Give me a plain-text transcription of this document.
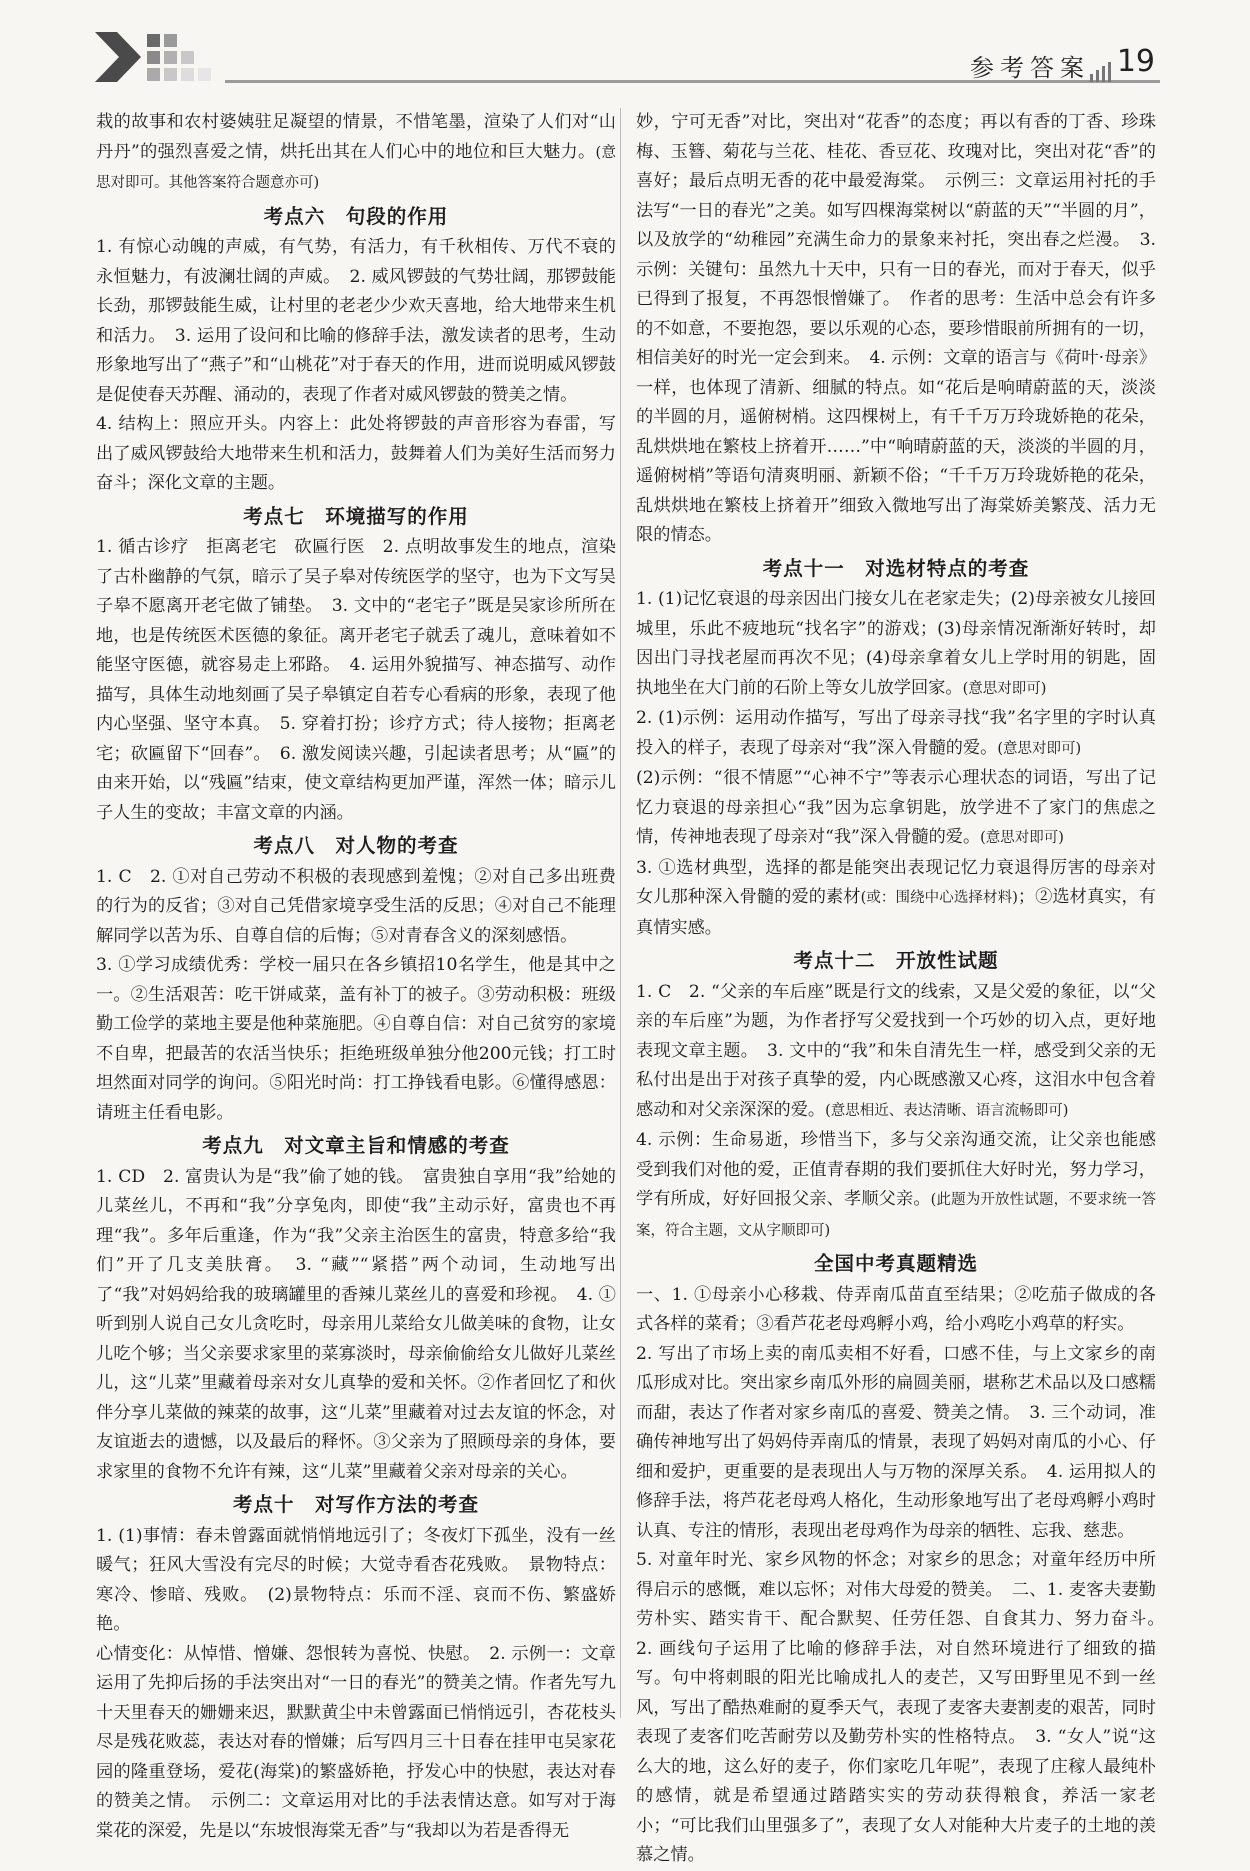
参考答案 19

栽的故事和农村婆姨驻足凝望的情景，不惜笔墨，渲染了人们对“山丹丹”的强烈喜爱之情，烘托出其在人们心中的地位和巨大魅力。(意思对即可。其他答案符合题意亦可)

考点六　句段的作用

1. 有惊心动魄的声威，有气势，有活力，有千秋相传、万代不衰的永恒魅力，有波澜壮阔的声威。　2. 威风锣鼓的气势壮阔，那锣鼓能长劲，那锣鼓能生威，让村里的老老少少欢天喜地，给大地带来生机和活力。　3. 运用了设问和比喻的修辞手法，激发读者的思考，生动形象地写出了“燕子”和“山桃花”对于春天的作用，进而说明威风锣鼓是促使春天苏醒、涌动的，表现了作者对威风锣鼓的赞美之情。

4. 结构上：照应开头。内容上：此处将锣鼓的声音形容为春雷，写出了威风锣鼓给大地带来生机和活力，鼓舞着人们为美好生活而努力奋斗；深化文章的主题。

考点七　环境描写的作用

1. 循古诊疗　拒离老宅　砍匾行医　2. 点明故事发生的地点，渲染了古朴幽静的气氛，暗示了吴子皋对传统医学的坚守，也为下文写吴子皋不愿离开老宅做了铺垫。　3. 文中的“老宅子”既是吴家诊所所在地，也是传统医术医德的象征。离开老宅子就丢了魂儿，意味着如不能坚守医德，就容易走上邪路。　4. 运用外貌描写、神态描写、动作描写，具体生动地刻画了吴子皋镇定自若专心看病的形象，表现了他内心坚强、坚守本真。　5. 穿着打扮；诊疗方式；待人接物；拒离老宅；砍匾留下“回春”。　6. 激发阅读兴趣，引起读者思考；从“匾”的由来开始，以“残匾”结束，使文章结构更加严谨，浑然一体；暗示儿子人生的变故；丰富文章的内涵。

考点八　对人物的考查

1. C　2. ①对自己劳动不积极的表现感到羞愧；②对自己多出班费的行为的反省；③对自己凭借家境享受生活的反思；④对自己不能理解同学以苦为乐、自尊自信的后悔；⑤对青春含义的深刻感悟。

3. ①学习成绩优秀：学校一届只在各乡镇招10名学生，他是其中之一。②生活艰苦：吃干饼咸菜，盖有补丁的被子。③劳动积极：班级勤工俭学的菜地主要是他种菜施肥。④自尊自信：对自己贫穷的家境不自卑，把最苦的农活当快乐；拒绝班级单独分他200元钱；打工时坦然面对同学的询问。⑤阳光时尚：打工挣钱看电影。⑥懂得感恩：请班主任看电影。

考点九　对文章主旨和情感的考查

1. CD　2. 富贵认为是“我”偷了她的钱。　富贵独自享用“我”给她的儿菜丝儿，不再和“我”分享兔肉，即使“我”主动示好，富贵也不再理“我”。多年后重逢，作为“我”父亲主治医生的富贵，特意多给“我们”开了几支美肤膏。　3. “藏”“紧搭”两个动词，生动地写出了“我”对妈妈给我的玻璃罐里的香辣儿菜丝儿的喜爱和珍视。　4. ①听到别人说自己女儿贪吃时，母亲用儿菜给女儿做美味的食物，让女儿吃个够；当父亲要求家里的菜寡淡时，母亲偷偷给女儿做好儿菜丝儿，这“儿菜”里藏着母亲对女儿真挚的爱和关怀。②作者回忆了和伙伴分享儿菜做的辣菜的故事，这“儿菜”里藏着对过去友谊的怀念，对友谊逝去的遗憾，以及最后的释怀。③父亲为了照顾母亲的身体，要求家里的食物不允许有辣，这“儿菜”里藏着父亲对母亲的关心。

考点十　对写作方法的考查

1. (1)事情：春未曾露面就悄悄地远引了；冬夜灯下孤坐，没有一丝暖气；狂风大雪没有完尽的时候；大觉寺看杏花残败。　景物特点：寒冷、惨暗、残败。　(2)景物特点：乐而不淫、哀而不伤、繁盛娇艳。

心情变化：从悼惜、憎嫌、怨恨转为喜悦、快慰。　2. 示例一：文章运用了先抑后扬的手法突出对“一日的春光”的赞美之情。作者先写九十天里春天的姗姗来迟，默默黄尘中未曾露面已悄悄远引，杏花枝头尽是残花败蕊，表达对春的憎嫌；后写四月三十日春在挂甲屯吴家花园的隆重登场，爱花(海棠)的繁盛娇艳，抒发心中的快慰，表达对春的赞美之情。　示例二：文章运用对比的手法表情达意。如写对于海棠花的深爱，先是以“东坡恨海棠无香”与“我却以为若是香得无

妙，宁可无香”对比，突出对“花香”的态度；再以有香的丁香、珍珠梅、玉簪、菊花与兰花、桂花、香豆花、玫瑰对比，突出对花“香”的喜好；最后点明无香的花中最爱海棠。　示例三：文章运用衬托的手法写“一日的春光”之美。如写四棵海棠树以“蔚蓝的天”“半圆的月”，以及放学的“幼稚园”充满生命力的景象来衬托，突出春之烂漫。　3. 示例：关键句：虽然九十天中，只有一日的春光，而对于春天，似乎已得到了报复，不再怨恨憎嫌了。　作者的思考：生活中总会有许多的不如意，不要抱怨，要以乐观的心态，要珍惜眼前所拥有的一切，相信美好的时光一定会到来。　4. 示例：文章的语言与《荷叶·母亲》一样，也体现了清新、细腻的特点。如“花后是响晴蔚蓝的天，淡淡的半圆的月，遥俯树梢。这四棵树上，有千千万万玲珑娇艳的花朵，乱烘烘地在繁枝上挤着开……”中“响晴蔚蓝的天，淡淡的半圆的月，遥俯树梢”等语句清爽明丽、新颖不俗；“千千万万玲珑娇艳的花朵，乱烘烘地在繁枝上挤着开”细致入微地写出了海棠娇美繁茂、活力无限的情态。

考点十一　对选材特点的考查

1. (1)记忆衰退的母亲因出门接女儿在老家走失；(2)母亲被女儿接回城里，乐此不疲地玩“找名字”的游戏；(3)母亲情况渐渐好转时，却因出门寻找老屋而再次不见；(4)母亲拿着女儿上学时用的钥匙，固执地坐在大门前的石阶上等女儿放学回家。(意思对即可)

2. (1)示例：运用动作描写，写出了母亲寻找“我”名字里的字时认真投入的样子，表现了母亲对“我”深入骨髓的爱。(意思对即可)

(2)示例：“很不情愿”“心神不宁”等表示心理状态的词语，写出了记忆力衰退的母亲担心“我”因为忘拿钥匙，放学进不了家门的焦虑之情，传神地表现了母亲对“我”深入骨髓的爱。(意思对即可)

3. ①选材典型，选择的都是能突出表现记忆力衰退得厉害的母亲对女儿那种深入骨髓的爱的素材(或：围绕中心选择材料)；②选材真实，有真情实感。

考点十二　开放性试题

1. C　2. “父亲的车后座”既是行文的线索，又是父爱的象征，以“父亲的车后座”为题，为作者抒写父爱找到一个巧妙的切入点，更好地表现文章主题。　3. 文中的“我”和朱自清先生一样，感受到父亲的无私付出是出于对孩子真挚的爱，内心既感激又心疼，这泪水中包含着感动和对父亲深深的爱。(意思相近、表达清晰、语言流畅即可)

4. 示例：生命易逝，珍惜当下，多与父亲沟通交流，让父亲也能感受到我们对他的爱，正值青春期的我们要抓住大好时光，努力学习，学有所成，好好回报父亲、孝顺父亲。(此题为开放性试题，不要求统一答案，符合主题，文从字顺即可)

全国中考真题精选

一、1. ①母亲小心移栽、侍弄南瓜苗直至结果；②吃茄子做成的各式各样的菜肴；③看芦花老母鸡孵小鸡，给小鸡吃小鸡草的籽实。

2. 写出了市场上卖的南瓜卖相不好看，口感不佳，与上文家乡的南瓜形成对比。突出家乡南瓜外形的扁圆美丽，堪称艺术品以及口感糯而甜，表达了作者对家乡南瓜的喜爱、赞美之情。　3. 三个动词，准确传神地写出了妈妈侍弄南瓜的情景，表现了妈妈对南瓜的小心、仔细和爱护，更重要的是表现出人与万物的深厚关系。　4. 运用拟人的修辞手法，将芦花老母鸡人格化，生动形象地写出了老母鸡孵小鸡时认真、专注的情形，表现出老母鸡作为母亲的牺牲、忘我、慈悲。

5. 对童年时光、家乡风物的怀念；对家乡的思念；对童年经历中所得启示的感慨，难以忘怀；对伟大母爱的赞美。　二、1. 麦客夫妻勤劳朴实、踏实肯干、配合默契、任劳任怨、自食其力、努力奋斗。　2. 画线句子运用了比喻的修辞手法，对自然环境进行了细致的描写。句中将刺眼的阳光比喻成扎人的麦芒，又写田野里见不到一丝风，写出了酷热难耐的夏季天气，表现了麦客夫妻割麦的艰苦，同时表现了麦客们吃苦耐劳以及勤劳朴实的性格特点。　3. “女人”说“这么大的地，这么好的麦子，你们家吃几年呢”，表现了庄稼人最纯朴的感情，就是希望通过踏踏实实的劳动获得粮食，养活一家老小；“可比我们山里强多了”，表现了女人对能种大片麦子的土地的羡慕之情。
